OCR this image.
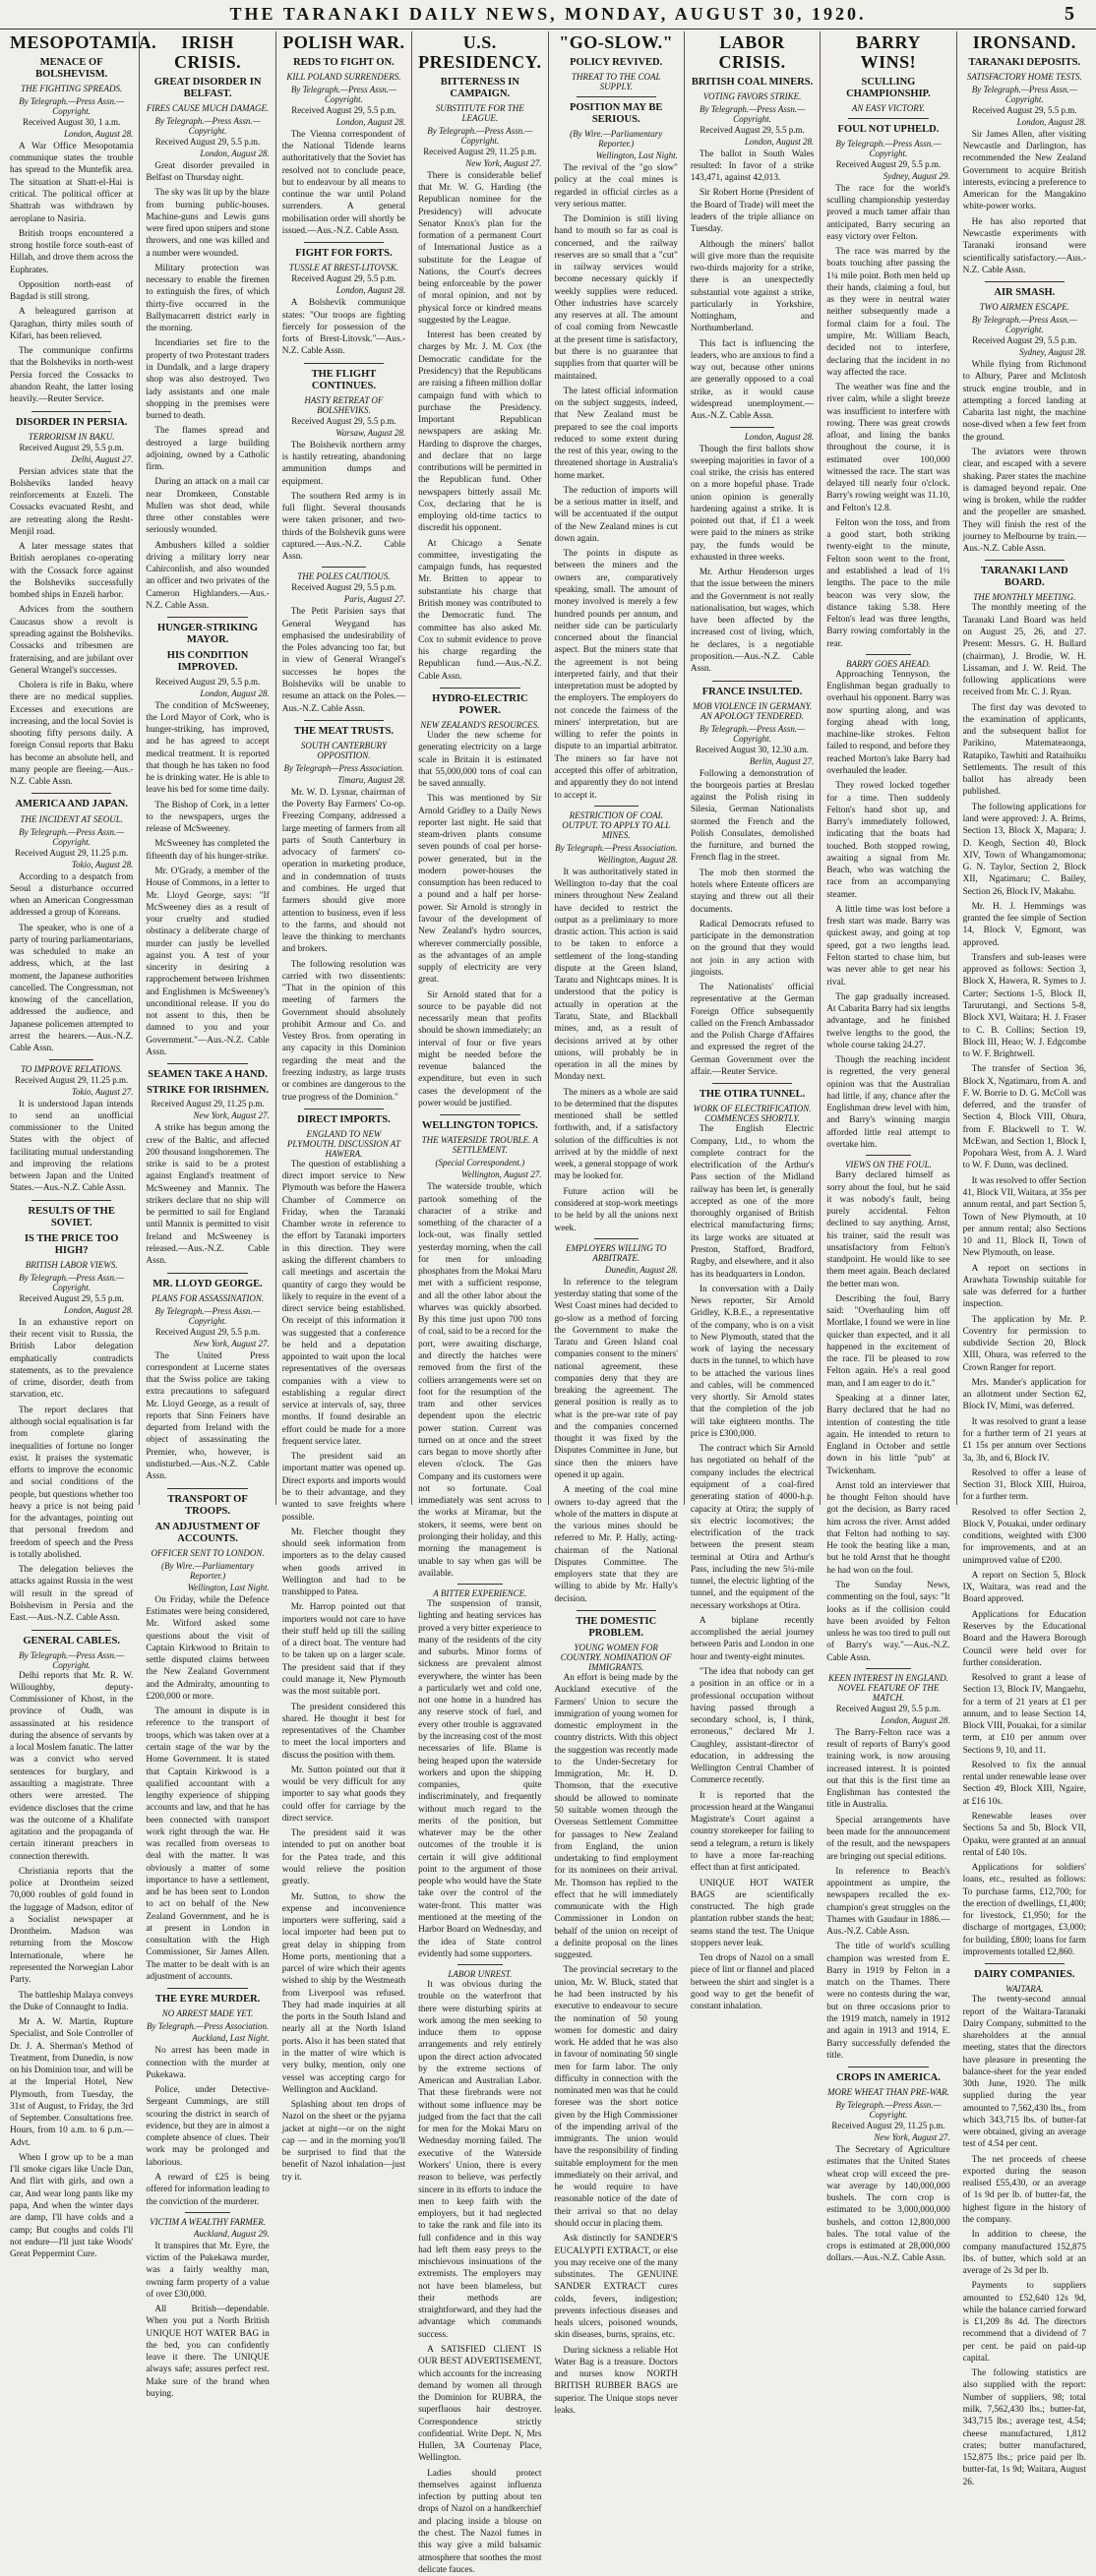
THE TARANAKI DAILY NEWS, MONDAY, AUGUST 30, 1920.	5
MESOPOTAMIA.
MENACE OF BOLSHEVISM.
THE FIGHTING SPREADS.
By Telegraph.—Press Assn.—Copyright.
Received August 30, 1 a.m.
London, August 28.

A War Office Mesopotamia communique states the trouble has spread to the Muntefik area. The situation at Shatt-el-Hai is critical. The political officer at Shattrah was withdrawn by aeroplane to Nasiria.

British troops encountered a strong hostile force south-east of Hillah, and drove them across the Euphrates.

Opposition north-east of Bagdad is still strong.

A beleagured garrison at Qaraghan, thirty miles south of Kifari, has been relieved.

The communique confirms that the Bolsheviks in north-west Persia forced the Cossacks to abandon Reaht, the latter losing heavily.—Reuter Service.

DISORDER IN PERSIA.
TERRORISM IN BAKU.
Received August 29, 5.5 p.m.
Delhi, August 27.

Persian advices state that the Bolsheviks landed heavy reinforcements at Enzeli. The Cossacks evacuated Resht, and are retreating along the Resht-Menjil road.

A later message states that British aeroplanes co-operating with the Cossack force against the Bolsheviks successfully bombed ships in Enzeli harbor.

Advices from the southern Caucasus show a revolt is spreading against the Bolsheviks. Cossacks and tribesmen are fraternising, and are jubilant over General Wrangel's successes.

Cholera is rife in Baku, where there are no medical supplies. Excesses and executions are increasing, and the local Soviet is shooting fifty persons daily. A foreign Consul reports that Baku has become an absolute hell, and many people are fleeing.—Aus.-N.Z. Cable Assn.

AMERICA AND JAPAN.
THE INCIDENT AT SEOUL.
By Telegraph.—Press Assn.—Copyright.
Received August 29, 11.25 p.m.
Tokio, August 28.

According to a despatch from Seoul a disturbance occurred when an American Congressman addressed a group of Koreans.

The speaker, who is one of a party of touring parliamentarians, was scheduled to make an address, which, at the last moment, the Japanese authorities cancelled. The Congressman, not knowing of the cancellation, addressed the audience, and Japanese policemen attempted to arrest the hearers.—Aus.-N.Z. Cable Assn.

TO IMPROVE RELATIONS.
Received August 29, 11.25 p.m.
Tokio, August 27.

It is understood Japan intends to send an unofficial commissioner to the United States with the object of facilitating mutual understanding and improving the relations between Japan and the United States.—Aus.-N.Z. Cable Assn.

RESULTS OF THE SOVIET.
IS THE PRICE TOO HIGH?
BRITISH LABOR VIEWS.
By Telegraph.—Press Assn.—Copyright.
Received August 29, 5.5 p.m.
London, August 28.

In an exhaustive report on their recent visit to Russia, the British Labor delegation emphatically contradicts statements, as to the prevalence of crime, disorder, death from starvation, etc.

The report declares that although social equalisation is far from complete glaring inequalities of fortune no longer exist. It praises the systematic efforts to improve the economic and social conditions of the people, but questions whether too heavy a price is not being paid for the advantages, pointing out that personal freedom and freedom of speech and the Press is totally abolished.

The delegation believes the attacks against Russia in the west will result in the spread of Bolshevism in Persia and the East.—Aus.-N.Z. Cable Assn.

GENERAL CABLES.
By Telegraph.—Press Assn.—Copyright.

Delhi reports that Mr. R. W. Willoughby, deputy-Commissioner of Khost, in the province of Oudh, was assassinated at his residence during the absence of servants by a local Moslem fanatic. The latter was a convict who served sentences for burglary, and assaulting a magistrate. Three others were arrested. The evidence discloses that the crime was the outcome of a Khalifate agitation and the propaganda of certain itinerant preachers in connection therewith.

Christiania reports that the police at Drontheim seized 70,000 roubles of gold found in the luggage of Madson, editor of a Socialist newspaper at Drontheim. Madson was returning from the Moscow Internationale, where he represented the Norwegian Labor Party.

The battleship Malaya conveys the Duke of Connaught to India.

Mr A. W. Martin, Rupture Specialist, and Sole Controller of Dr. J. A. Sherman's Method of Treatment, from Dunedin, is now on his Dominion tour, and will be at the Imperial Hotel, New Plymouth, from Tuesday, the 31st of August, to Friday, the 3rd of September. Consultations free. Hours, from 10 a.m. to 6 p.m.—Advt.

When I grow up to be a man I'll smoke cigars like Uncle Dan, And flirt with girls, and own a car, And wear long pants like my papa, And when the winter days are damp, I'll have colds and a camp; But coughs and colds I'll not endure—I'll just take Woods' Great Peppermint Cure.

IRISH CRISIS.
GREAT DISORDER IN BELFAST.
FIRES CAUSE MUCH DAMAGE.
By Telegraph.—Press Assn.—Copyright.
Received August 29, 5.5 p.m.
London, August 28.

Great disorder prevailed in Belfast on Thursday night.

The sky was lit up by the blaze from burning public-houses. Machine-guns and Lewis guns were fired upon snipers and stone throwers, and one was killed and a number were wounded.

Military protection was necessary to enable the firemen to extinguish the fires, of which thirty-five occurred in the Ballymacarrett district early in the morning.

Incendiaries set fire to the property of two Protestant traders in Dundalk, and a large drapery shop was also destroyed. Two lady assistants and one male shopping in the premises were burned to death.

The flames spread and destroyed a large building adjoining, owned by a Catholic firm.

During an attack on a mail car near Dromkeen, Constable Mullen was shot dead, while three other constables were seriously wounded.

Ambushers killed a soldier driving a military lorry near Cahirconlish, and also wounded an officer and two privates of the Cameron Highlanders.—Aus.-N.Z. Cable Assn.

HUNGER-STRIKING MAYOR.
HIS CONDITION IMPROVED.
Received August 29, 5.5 p.m.
London, August 28.

The condition of McSweeney, the Lord Mayor of Cork, who is hunger-striking, has improved, and he has agreed to accept medical treatment. It is reported that though he has taken no food he is drinking water. He is able to leave his bed for some time daily.

The Bishop of Cork, in a letter to the newspapers, urges the release of McSweeney.

McSweeney has completed the fifteenth day of his hunger-strike.

Mr. O'Grady, a member of the House of Commons, in a letter to Mr. Lloyd George, says: "If McSweeney dies as a result of your cruelty and studied obstinacy a deliberate charge of murder can justly be levelled against you. A test of your sincerity in desiring a rapprochement between Irishmen and Englishmen is McSweeney's unconditional release. If you do not assent to this, then be damned to you and your Government."—Aus.-N.Z. Cable Assn.

SEAMEN TAKE A HAND.
STRIKE FOR IRISHMEN.
Received August 29, 11.25 p.m.
New York, August 27.

A strike has begun among the crew of the Baltic, and affected 200 thousand longshoremen. The strike is said to be a protest against England's treatment of McSweeney and Mannix. The strikers declare that no ship will be permitted to sail for England until Mannix is permitted to visit Ireland and McSweeney is released.—Aus.-N.Z. Cable Assn.

MR. LLOYD GEORGE.
PLANS FOR ASSASSINATION.
By Telegraph.—Press Assn.—Copyright.
Received August 29, 5.5 p.m.
New York, August 27.

The United Press correspondent at Lucerne states that the Swiss police are taking extra precautions to safeguard Mr. Lloyd George, as a result of reports that Sinn Feiners have departed from Ireland with the object of assassinating the Premier, who, however, is undisturbed.—Aus.-N.Z. Cable Assn.

TRANSPORT OF TROOPS.
AN ADJUSTMENT OF ACCOUNTS.
OFFICER SENT TO LONDON.
(By Wire.—Parliamentary Reporter.)
Wellington, Last Night.

On Friday, while the Defence Estimates were being considered, Mr. Witford asked some questions about the visit of Captain Kirkwood to Britain to settle disputed claims between the New Zealand Government and the Admiralty, amounting to £200,000 or more.

The amount in dispute is in reference to the transport of troops, which was taken over at a certain stage of the war by the Home Government. It is stated that Captain Kirkwood is a qualified accountant with a lengthy experience of shipping accounts and law, and that he has been connected with transport work right through the war. He was recalled from overseas to deal with the matter. It was obviously a matter of some importance to have a settlement, and he has been sent to London to act on behalf of the New Zealand Government, and he is at present in London in consultation with the High Commissioner, Sir James Allen. The matter to be dealt with is an adjustment of accounts.

THE EYRE MURDER.
NO ARREST MADE YET.
By Telegraph.—Press Association.
Auckland, Last Night.

No arrest has been made in connection with the murder at Pukekawa.

Police, under Detective-Sergeant Cummings, are still scouring the district in search of evidence, but they are in almost a complete absence of clues. Their work may be prolonged and laborious.

A reward of £25 is being offered for information leading to the conviction of the murderer.

VICTIM A WEALTHY FARMER.
Auckland, August 29.

It transpires that Mr. Eyre, the victim of the Pukekawa murder, was a fairly wealthy man, owning farm property of a value of over £30,000.

All British—dependable. When you put a North British UNIQUE HOT WATER BAG in the bed, you can confidently leave it there. The UNIQUE always safe; assures perfect rest. Make sure of the brand when buying.

POLISH WAR.
REDS TO FIGHT ON.
KILL POLAND SURRENDERS.
By Telegraph.—Press Assn.—Copyright.
Received August 29, 5.5 p.m.
London, August 28.

The Vienna correspondent of the National Tidende learns authoritatively that the Soviet has resolved not to conclude peace, but to endeavour by all means to continue the war until Poland surrenders. A general mobilisation order will shortly be issued.—Aus.-N.Z. Cable Assn.

FIGHT FOR FORTS.
TUSSLE AT BREST-LITOVSK.
Received August 29, 5.5 p.m.
London, August 28.

A Bolshevik communique states: "Our troops are fighting fiercely for possession of the forts of Brest-Litovsk."—Aus.-N.Z. Cable Assn.

THE FLIGHT CONTINUES.
HASTY RETREAT OF BOLSHEVIKS.
Received August 29, 5.5 p.m.
Warsaw, August 28.

The Bolshevik northern army is hastily retreating, abandoning ammunition dumps and equipment.

The southern Red army is in full flight. Several thousands were taken prisoner, and two-thirds of the Bolshevik guns were captured.—Aus.-N.Z. Cable Assn.

THE POLES CAUTIOUS.
Received August 29, 5.5 p.m.
Paris, August 27.

The Petit Parisien says that General Weygand has emphasised the undesirability of the Poles advancing too far, but in view of General Wrangel's successes he hopes the Bolsheviks will be unable to resume an attack on the Poles.—Aus.-N.Z. Cable Assn.

THE MEAT TRUSTS.
SOUTH CANTERBURY OPPOSITION.
By Telegraph—Press Association.
Timaru, August 28.

Mr. W. D. Lysnar, chairman of the Poverty Bay Farmers' Co-op. Freezing Company, addressed a large meeting of farmers from all parts of South Canterbury in advocacy of farmers' co-operation in marketing produce, and in condemnation of trusts and combines. He urged that farmers should give more attention to business, even if less to the farms, and should not leave the thinking to merchants and brokers.

The following resolution was carried with two dissentients: "That in the opinion of this meeting of farmers the Government should absolutely prohibit Armour and Co. and Vestey Bros. from operating in any capacity in this Dominion regarding the meat and the freezing industry, as large trusts or combines are dangerous to the true progress of the Dominion."

DIRECT IMPORTS.
ENGLAND TO NEW PLYMOUTH. DISCUSSION AT HAWERA.

The question of establishing a direct import service to New Plymouth was before the Hawera Chamber of Commerce on Friday, when the Taranaki Chamber wrote in reference to the effort by Taranaki importers in this direction. They were asking the different chambers to call meetings and ascertain the quantity of cargo they would be likely to require in the event of a direct service being established. On receipt of this information it was suggested that a conference be held and a deputation appointed to wait upon the local representatives of the overseas companies with a view to establishing a regular direct service at intervals of, say, three months. If found desirable an effort could be made for a more frequent service later.

The president said an important matter was opened up. Direct exports and imports would be to their advantage, and they wanted to save freights where possible.

Mr. Fletcher thought they should seek information from importers as to the delay caused when goods arrived in Wellington and had to be transhipped to Patea.

Mr. Harrop pointed out that importers would not care to have their stuff held up till the sailing of a direct boat. The venture had to be taken up on a larger scale. The president said that if they could manage it, New Plymouth was the most suitable port.

The president considered this shared. He thought it best for representatives of the Chamber to meet the local importers and discuss the position with them.

Mr. Sutton pointed out that it would be very difficult for any importer to say what goods they could offer for carriage by the direct service.

The president said it was intended to put on another boat for the Patea trade, and this would relieve the position greatly.

Mr. Sutton, to show the expense and inconvenience importers were suffering, said a local importer had been put to great delay in shipping from Home ports, mentioning that a parcel of wire which their agents wished to ship by the Westmeath from Liverpool was refused. They had made inquiries at all the ports in the South Island and nearly all at the North Island ports. Also it has been stated that in the matter of wire which is very bulky, mention, only one vessel was accepting cargo for Wellington and Auckland.

Splashing about ten drops of Nazol on the sheet or the pyjama jacket at night—or on the night cap — and in the morning you'll be surprised to find that the benefit of Nazol inhalation—just try it.

U.S. PRESIDENCY.
BITTERNESS IN CAMPAIGN.
SUBSTITUTE FOR THE LEAGUE.
By Telegraph.—Press Assn.—Copyright.
Received August 29, 11.25 p.m.
New York, August 27.

There is considerable belief that Mr. W. G. Harding (the Republican nominee for the Presidency) will advocate Senator Knox's plan for the formation of a permanent Court of International Justice as a substitute for the League of Nations, the Court's decrees being enforceable by the power of moral opinion, and not by physical force or kindred means suggested by the League.

Interest has been created by charges by Mr. J. M. Cox (the Democratic candidate for the Presidency) that the Republicans are raising a fifteen million dollar campaign fund with which to purchase the Presidency. Important Republican newspapers are asking Mr. Harding to disprove the charges, and declare that no large contributions will be permitted in the Republican fund. Other newspapers bitterly assail Mr. Cox, declaring that he is employing old-time tactics to discredit his opponent.

At Chicago a Senate committee, investigating the campaign funds, has requested Mr. Britten to appear to substantiate his charge that British money was contributed to the Democratic fund. The committee has also asked Mr. Cox to submit evidence to prove his charge regarding the Republican fund.—Aus.-N.Z. Cable Assn.

HYDRO-ELECTRIC POWER.
NEW ZEALAND'S RESOURCES.

Under the new scheme for generating electricity on a large scale in Britain it is estimated that 55,000,000 tons of coal can be saved annually.

This was mentioned by Sir Arnold Gridley to a Daily News reporter last night. He said that steam-driven plants consume seven pounds of coal per horse-power generated, but in the modern power-houses the consumption has been reduced to a pound and a half per horse-power. Sir Arnold is strongly in favour of the development of New Zealand's hydro sources, wherever commercially possible, as the advantages of an ample supply of electricity are very great.

Sir Arnold stated that for a source to be payable did not necessarily mean that profits should be shown immediately; an interval of four or five years might be needed before the revenue balanced the expenditure, but even in such cases the development of the power would be justified.

WELLINGTON TOPICS.
THE WATERSIDE TROUBLE. A SETTLEMENT.
(Special Correspondent.)
Wellington, August 27.

The waterside trouble, which partook something of the character of a strike and something of the character of a lock-out, was finally settled yesterday morning, when the call for men for unloading phosphates from the Mokai Maru met with a sufficient response, and all the other labor about the wharves was quickly absorbed. By this time just upon 700 tons of coal, said to be a record for the port, were awaiting discharge, and directly the hatches were removed from the first of the colliers arrangements were set on foot for the resumption of the tram and other services dependent upon the electric power station. Current was turned on at once and the street cars began to move shortly after eleven o'clock. The Gas Company and its customers were not so fortunate. Coal immediately was sent across to the works at Miramar, but the stokers, it seems, were bent on prolonging their holiday, and this morning the management is unable to say when gas will be available.

A BITTER EXPERIENCE.

The suspension of transit, lighting and heating services has proved a very bitter experience to many of the residents of the city and suburbs. Minor forms of sickness are prevalent almost everywhere, the winter has been a particularly wet and cold one, not one home in a hundred has any reserve stock of fuel, and every other trouble is aggravated by the increasing cost of the most necessaries of life. Blame is being heaped upon the waterside workers and upon the shipping companies, quite indiscriminately, and frequently without much regard to the merits of the position, but whatever may be the other outcomes of the trouble it is certain it will give additional point to the argument of those people who would have the State take over the control of the water-front. This matter was mentioned at the meeting of the Harbor Board on Wednesday, and the idea of State control evidently had some supporters.

LABOR UNREST.

It was obvious during the trouble on the waterfront that there were disturbing spirits at work among the men seeking to induce them to oppose arrangements and rely entirely upon the direct action advocated by the extreme sections of American and Australian Labor. That these firebrands were not without some influence may be judged from the fact that the call for men for the Mokai Maru on Wednesday morning failed. The executive of the Waterside Workers' Union, there is every reason to believe, was perfectly sincere in its efforts to induce the men to keep faith with the employers, but it had neglected to take the rank and file into its full confidence and in this way had left them easy preys to the mischievous insinuations of the extremists. The employers may not have been blameless, but their methods are straightforward, and they had the advantage which commands success.

A SATISFIED CLIENT IS OUR BEST ADVERTISEMENT, which accounts for the increasing demand by women all through the Dominion for RUBRA, the superfluous hair destroyer. Correspondence strictly confidential. Write Dept. N, Mrs Hullen, 3A Courtenay Place, Wellington.

Ladies should protect themselves against influenza infection by putting about ten drops of Nazol on a handkerchief and placing inside a blouse on the chest. The Nazol fumes in this way give a mild balsamic atmosphere that soothes the most delicate fauces.

"GO-SLOW."
POLICY REVIVED.
THREAT TO THE COAL SUPPLY.
POSITION MAY BE SERIOUS.
(By Wire.—Parliamentary Reporter.)
Wellington, Last Night.

The revival of the "go slow" policy at the coal mines is regarded in official circles as a very serious matter.

The Dominion is still living hand to mouth so far as coal is concerned, and the railway reserves are so small that a "cut" in railway services would become necessary quickly if weekly supplies were reduced. Other industries have scarcely any reserves at all. The amount of coal coming from Newcastle at the present time is satisfactory, but there is no guarantee that supplies from that quarter will be maintained.

The latest official information on the subject suggests, indeed, that New Zealand must be prepared to see the coal imports reduced to some extent during the rest of this year, owing to the threatened shortage in Australia's home market.

The reduction of imports will be a serious matter in itself, and will be accentuated if the output of the New Zealand mines is cut down again.

The points in dispute as between the miners and the owners are, comparatively speaking, small. The amount of money involved is merely a few hundred pounds per annum, and neither side can be particularly concerned about the financial aspect. But the miners state that the agreement is not being interpreted fairly, and that their interpretation must be adopted by the employers. The employers do not concede the fairness of the miners' interpretation, but are willing to refer the points in dispute to an impartial arbitrator. The miners so far have not accepted this offer of arbitration, and apparently they do not intend to accept it.

RESTRICTION OF COAL OUTPUT. TO APPLY TO ALL MINES.
By Telegraph.—Press Association.
Wellington, August 28.

It was authoritatively stated in Wellington to-day that the coal miners throughout New Zealand have decided to restrict the output as a preliminary to more drastic action. This action is said to be taken to enforce a settlement of the long-standing dispute at the Green Island, Taratu and Nightcaps mines. It is understood that the policy is actually in operation at the Taratu, State, and Blackball mines, and, as a result of decisions arrived at by other unions, will probably be in operation in all the mines by Monday next.

The miners as a whole are said to be determined that the disputes mentioned shall be settled forthwith, and, if a satisfactory solution of the difficulties is not arrived at by the middle of next week, a general stoppage of work may be looked for.

Future action will be considered at stop-work meetings to be held by all the unions next week.

EMPLOYERS WILLING TO ARBITRATE.
Dunedin, August 28.

In reference to the telegram yesterday stating that some of the West Coast mines had decided to go-slow as a method of forcing the Government to make the Taratu and Green Island coal companies consent to the miners' national agreement, these companies deny that they are breaking the agreement. The general position is really as to what is the pre-war rate of pay and the companies concerned thought it was fixed by the Disputes Committee in June, but since then the miners have opened it up again.

A meeting of the coal mine owners to-day agreed that the whole of the matters in dispute at the various mines should be referred to Mr. P. Hally, acting-chairman of the National Disputes Committee. The employers state that they are willing to abide by Mr. Hally's decision.

THE DOMESTIC PROBLEM.
YOUNG WOMEN FOR COUNTRY. NOMINATION OF IMMIGRANTS.

An effort is being made by the Auckland executive of the Farmers' Union to secure the immigration of young women for domestic employment in the country districts. With this object the suggestion was recently made to the Under-Secretary for Immigration, Mr. H. D. Thomson, that the executive should be allowed to nominate 50 suitable women through the Overseas Settlement Committee for passages to New Zealand from England, the union undertaking to find employment for its nominees on their arrival. Mr. Thomson has replied to the effect that he will immediately communicate with the High Commissioner in London on behalf of the union on receipt of a definite proposal on the lines suggested.

The provincial secretary to the union, Mr. W. Bluck, stated that he had been instructed by his executive to endeavour to secure the nomination of 50 young women for domestic and dairy work. He added that he was also in favour of nominating 50 single men for farm labor. The only difficulty in connection with the nominated men was that he could foresee was the short notice given by the High Commissioner of the impending arrival of the immigrants. The union would have the responsibility of finding suitable employment for the men immediately on their arrival, and he would require to have reasonable notice of the date of their arrival so that no delay should occur in placing them.

Ask distinctly for SANDER'S EUCALYPTI EXTRACT, or else you may receive one of the many substitutes. The GENUINE SANDER EXTRACT cures colds, fevers, indigestion; prevents infectious diseases and heals ulcers, poisoned wounds, skin diseases, burns, sprains, etc.

During sickness a reliable Hot Water Bag is a treasure. Doctors and nurses know NORTH BRITISH RUBBER BAGS are superior. The Unique stops never leaks.

LABOR CRISIS.
BRITISH COAL MINERS.
VOTING FAVORS STRIKE.
By Telegraph.—Press Assn.—Copyright.
Received August 29, 5.5 p.m.
London, August 28.

The ballot in South Wales resulted: In favor of a strike 143,471, against 42,013.

Sir Robert Horne (President of the Board of Trade) will meet the leaders of the triple alliance on Tuesday.

Although the miners' ballot will give more than the requisite two-thirds majority for a strike, there is an unexpectedly substantial vote against a strike, particularly in Yorkshire, Nottingham, and Northumberland.

This fact is influencing the leaders, who are anxious to find a way out, because other unions are generally opposed to a coal strike, as it would cause widespread unemployment.—Aus.-N.Z. Cable Assn.

London, August 28.

Though the first ballots show sweeping majorities in favor of a coal strike, the crisis has entered on a more hopeful phase. Trade union opinion is generally hardening against a strike. It is pointed out that, if £1 a week were paid to the miners as strike pay, the funds would be exhausted in three weeks.

Mr. Arthur Henderson urges that the issue between the miners and the Government is not really nationalisation, but wages, which have been affected by the increased cost of living, which, he declares, is a negotiable proposition.—Aus.-N.Z. Cable Assn.

FRANCE INSULTED.
MOB VIOLENCE IN GERMANY. AN APOLOGY TENDERED.
By Telegraph.—Press Assn.—Copyright.
Received August 30, 12.30 a.m.
Berlin, August 27.

Following a demonstration of the bourgeois parties at Breslau against the Polish rising in Silesia, German Nationalists stormed the French and the Polish Consulates, demolished the furniture, and burned the French flag in the street.

The mob then stormed the hotels where Entente officers are staying and threw out all their documents.

Radical Democrats refused to participate in the demonstration on the ground that they would not join in any action with jingoists.

The Nationalists' official representative at the German Foreign Office subsequently called on the French Ambassador and the Polish Charge d'Affaires and expressed the regret of the German Government over the affair.—Reuter Service.

THE OTIRA TUNNEL.
WORK OF ELECTRIFICATION. COMMENCES SHORTLY.

The English Electric Company, Ltd., to whom the complete contract for the electrification of the Arthur's Pass section of the Midland railway has been let, is generally accepted as one of the more thoroughly organised of British electrical manufacturing firms; its large works are situated at Preston, Stafford, Bradford, Rugby, and elsewhere, and it also has its headquarters in London.

In conversation with a Daily News reporter, Sir Arnold Gridley, K.B.E., a representative of the company, who is on a visit to New Plymouth, stated that the work of laying the necessary ducts in the tunnel, to which have to be attached the various lines and cables, will be commenced very shortly. Sir Arnold states that the completion of the job will take eighteen months. The price is £300,000.

The contract which Sir Arnold has negotiated on behalf of the company includes the electrical equipment of a coal-fired generating station of 4000-h.p. capacity at Otira; the supply of six electric locomotives; the electrification of the track between the present steam terminal at Otira and Arthur's Pass, including the new 5¼-mile tunnel, the electric lighting of the tunnel, and the equipment of the necessary workshops at Otira.

A biplane recently accomplished the aerial journey between Paris and London in one hour and twenty-eight minutes.

"The idea that nobody can get a position in an office or in a professional occupation without having passed through a secondary school, is, I think, erroneous," declared Mr J. Caughley, assistant-director of education, in addressing the Wellington Central Chamber of Commerce recently.

It is reported that the procession heard at the Wanganui Magistrate's Court against a country storekeeper for failing to send a telegram, a return is likely to have a more far-reaching effect than at first anticipated.

UNIQUE HOT WATER BAGS are scientifically constructed. The high grade plantation rubber stands the heat; seams stand the test. The Unique stoppers never leak.

Ten drops of Nazol on a small piece of lint or flannel and placed between the shirt and singlet is a good way to get the benefit of constant inhalation.

BARRY WINS!
SCULLING CHAMPIONSHIP.
AN EASY VICTORY.
FOUL NOT UPHELD.
By Telegraph.—Press Assn.—Copyright.
Received August 29, 5.5 p.m.
Sydney, August 29.

The race for the world's sculling championship yesterday proved a much tamer affair than anticipated, Barry securing an easy victory over Felton.

The race was marred by the boats touching after passing the 1¼ mile point. Both men held up their hands, claiming a foul, but as they were in neutral water neither subsequently made a formal claim for a foul. The umpire, Mr. William Beach, decided not to interfere, declaring that the incident in no way affected the race.

The weather was fine and the river calm, while a slight breeze was insufficient to interfere with rowing. There was great crowds afloat, and lining the banks throughout the course, it is estimated over 100,000 witnessed the race. The start was delayed till nearly four o'clock. Barry's rowing weight was 11.10, and Felton's 12.8.

Felton won the toss, and from a good start, both striking twenty-eight to the minute, Felton soon went to the front, and established a lead of 1½ lengths. The pace to the mile beacon was very slow, the distance taking 5.38. Here Felton's lead was three lengths, Barry rowing comfortably in the rear.

BARRY GOES AHEAD.

Approaching Tennyson, the Englishman began gradually to overhaul his opponent. Barry was now spurting along, and was forging ahead with long, machine-like strokes. Felton failed to respond, and before they reached Morton's lake Barry had overhauled the leader.

They rowed locked together for a time. Then suddenly Felton's hand shot up, and Barry's immediately followed, indicating that the boats had touched. Both stopped rowing, awaiting a signal from Mr. Beach, who was watching the race from an accompanying steamer.

A little time was lost before a fresh start was made. Barry was quickest away, and going at top speed, got a two lengths lead. Felton started to chase him, but was never able to get near his rival.

The gap gradually increased. At Cabarita Barry had six lengths advantage, and he finished twelve lengths to the good, the whole course taking 24.27.

Though the reaching incident is regretted, the very general opinion was that the Australian had little, if any, chance after the Englishman drew level with him, and Barry's winning margin afforded little real attempt to overtake him.

VIEWS ON THE FOUL.

Barry declared himself as sorry about the foul, but he said it was nobody's fault, being purely accidental. Felton declined to say anything. Arnst, his trainer, said the result was unsatisfactory from Felton's standpoint. He would like to see them meet again. Beach declared the better man won.

Describing the foul, Barry said: "Overhauling him off Mortlake, I found we were in line quicker than expected, and it all happened in the excitement of the race. I'll be pleased to row Felton again. He's a real good man, and I am eager to do it."

Speaking at a dinner later, Barry declared that he had no intention of contesting the title again. He intended to return to England in October and settle down in his little "pub" at Twickenham.

Arnst told an interviewer that he thought Felton should have got the decision, as Barry raced him across the river. Arnst added that Felton had nothing to say. He took the beating like a man, but he told Arnst that he thought he had won on the foul.

The Sunday News, commenting on the foul, says: "It looks as if the collision could have been avoided by Felton unless he was too tired to pull out of Barry's way."—Aus.-N.Z. Cable Assn.

KEEN INTEREST IN ENGLAND. NOVEL FEATURE OF THE MATCH.
Received August 29, 5.5 p.m.
London, August 28.

The Barry-Felton race was a result of reports of Barry's good training work, is now arousing increased interest. It is pointed out that this is the first time an Englishman has contested the title in Australia.

Special arrangements have been made for the announcement of the result, and the newspapers are bringing out special editions.

In reference to Beach's appointment as umpire, the newspapers recalled the ex-champion's great struggles on the Thames with Gaudaur in 1886.—Aus.-N.Z. Cable Assn.

The title of world's sculling champion was wrested from E. Barry in 1919 by Felton in a match on the Thames. There were no contests during the war, but on three occasions prior to the 1919 match, namely in 1912 and again in 1913 and 1914, E. Barry successfully defended the title.

CROPS IN AMERICA.
MORE WHEAT THAN PRE-WAR.
By Telegraph.—Press Assn.—Copyright.
Received August 29, 11.25 p.m.
New York, August 27.

The Secretary of Agriculture estimates that the United States wheat crop will exceed the pre-war average by 140,000,000 bushels. The corn crop is estimated to be 3,000,000,000 bushels, and cotton 12,800,000 bales. The total value of the crops is estimated at 28,000,000 dollars.—Aus.-N.Z. Cable Assn.

IRONSAND.
TARANAKI DEPOSITS.
SATISFACTORY HOME TESTS.
By Telegraph.—Press Assn.—Copyright.
Received August 29, 5.5 p.m.
London, August 28.

Sir James Allen, after visiting Newcastle and Darlington, has recommended the New Zealand Government to acquire British interests, evincing a preference to American for the Mangakino white-power works.

He has also reported that Newcastle experiments with Taranaki ironsand were scientifically satisfactory.—Aus.-N.Z. Cable Assn.

AIR SMASH.
TWO AIRMEN ESCAPE.
By Telegraph.—Press Assn.—Copyright.
Received August 29, 5.5 p.m.
Sydney, August 28.

While flying from Richmond to Albury, Parer and McIntosh struck engine trouble, and in attempting a forced landing at Cabarita last night, the machine nose-dived when a few feet from the ground.

The aviators were thrown clear, and escaped with a severe shaking. Parer states the machine is damaged beyond repair. One wing is broken, while the rudder and the propeller are smashed. They will finish the rest of the journey to Melbourne by train.—Aus.-N.Z. Cable Assn.

TARANAKI LAND BOARD.
THE MONTHLY MEETING.

The monthly meeting of the Taranaki Land Board was held on August 25, 26, and 27. Present: Messrs. G. H. Bullard (chairman), J. Brodie, W. H. Lissaman, and J. W. Reid. The following applications were received from Mr. C. J. Ryan.

The first day was devoted to the examination of applicants, and the subsequent ballot for Parikino, Matemateaonga, Ratapiko, Tawhiti and Rataihuiku Settlements. The result of this ballot has already been published.

The following applications for land were approved: J. A. Brims, Section 13, Block X, Mapara; J. D. Keogh, Section 40, Block XIV, Town of Whangamomona; G. N. Taylor, Section 2, Block XII, Ngatimaru; C. Bailey, Section 26, Block IV, Makahu.

Mr. H. J. Hemmings was granted the fee simple of Section 14, Block V, Egmont, was approved.

Transfers and sub-leases were approved as follows: Section 3, Block X, Hawera, R. Symes to J. Carter; Sections 1-5, Block II, Tarurutangi, and Sections 5-8, Block XVI, Waitara; H. J. Fraser to C. B. Collins; Section 19, Block III, Heao; W. J. Edgcombe to W. F. Brightwell.

The transfer of Section 36, Block X, Ngatimaru, from A. and F. W. Borrie to D. G. McColl was deferred, and the transfer of Section 4, Block VIII, Ohura, from F. Blackwell to T. W. McEwan, and Section 1, Block I, Popohara West, from A. J. Ward to W. F. Dunn, was declined.

It was resolved to offer Section 41, Block VII, Waitara, at 35s per annum rental, and part Section 5, Town of New Plymouth, at 10 per annum rental; also Sections 10 and 11, Block II, Town of New Plymouth, on lease.

A report on sections in Arawhata Township suitable for sale was deferred for a further inspection.

The application by Mr. P. Coventry for permission to subdivide Section 20, Block XIII, Ohura, was referred to the Crown Ranger for report.

Mrs. Mander's application for an allotment under Section 62, Block IV, Mimi, was deferred.

It was resolved to grant a lease for a further term of 21 years at £1 15s per annum over Sections 3a, 3b, and 6, Block IV.

Resolved to offer a lease of Section 31, Block XIII, Huiroa, for a further term.

Resolved to offer Section 2, Block V, Pouakai, under ordinary conditions, weighted with £300 for improvements, and at an unimproved value of £200.

A report on Section 5, Block IX, Waitara, was read and the Board approved.

Applications for Education Reserves by the Educational Board and the Hawera Borough Council were held over for further consideration.

Resolved to grant a lease of Section 13, Block IV, Mangaehu, for a term of 21 years at £1 per annum, and to lease Section 14, Block VIII, Pouakai, for a similar term, at £10 per annum over Sections 9, 10, and 11.

Resolved to fix the annual rental under renewable lease over Section 49, Block XIII, Ngaire, at £16 10s.

Renewable leases over Sections 5a and 5b, Block VII, Opaku, were granted at an annual rental of £40 10s.

Applications for soldiers' loans, etc., resulted as follows: To purchase farms, £12,700; for the erection of dwellings, £1,400; for livestock, £1,950; for the discharge of mortgages, £3,000; for building, £800; loans for farm improvements totalled £2,860.

DAIRY COMPANIES.
WAITARA.

The twenty-second annual report of the Waitara-Taranaki Dairy Company, submitted to the shareholders at the annual meeting, states that the directors have pleasure in presenting the balance-sheet for the year ended 30th June, 1920. The milk supplied during the year amounted to 7,562,430 lbs., from which 343,715 lbs. of butter-fat were obtained, giving an average test of 4.54 per cent.

The net proceeds of cheese exported during the season realised £55,430, or an average of 1s 9d per lb. of butter-fat, the highest figure in the history of the company.

In addition to cheese, the company manufactured 152,875 lbs. of butter, which sold at an average of 2s 3d per lb.

Payments to suppliers amounted to £52,640 12s 9d, while the balance carried forward is £1,209 8s 4d. The directors recommend that a dividend of 7 per cent. be paid on paid-up capital.

The following statistics are also supplied with the report: Number of suppliers, 98; total milk, 7,562,430 lbs.; butter-fat, 343,715 lbs.; average test, 4.54; cheese manufactured, 1,812 crates; butter manufactured, 152,875 lbs.; price paid per lb. butter-fat, 1s 9d; Waitara, August 26.
